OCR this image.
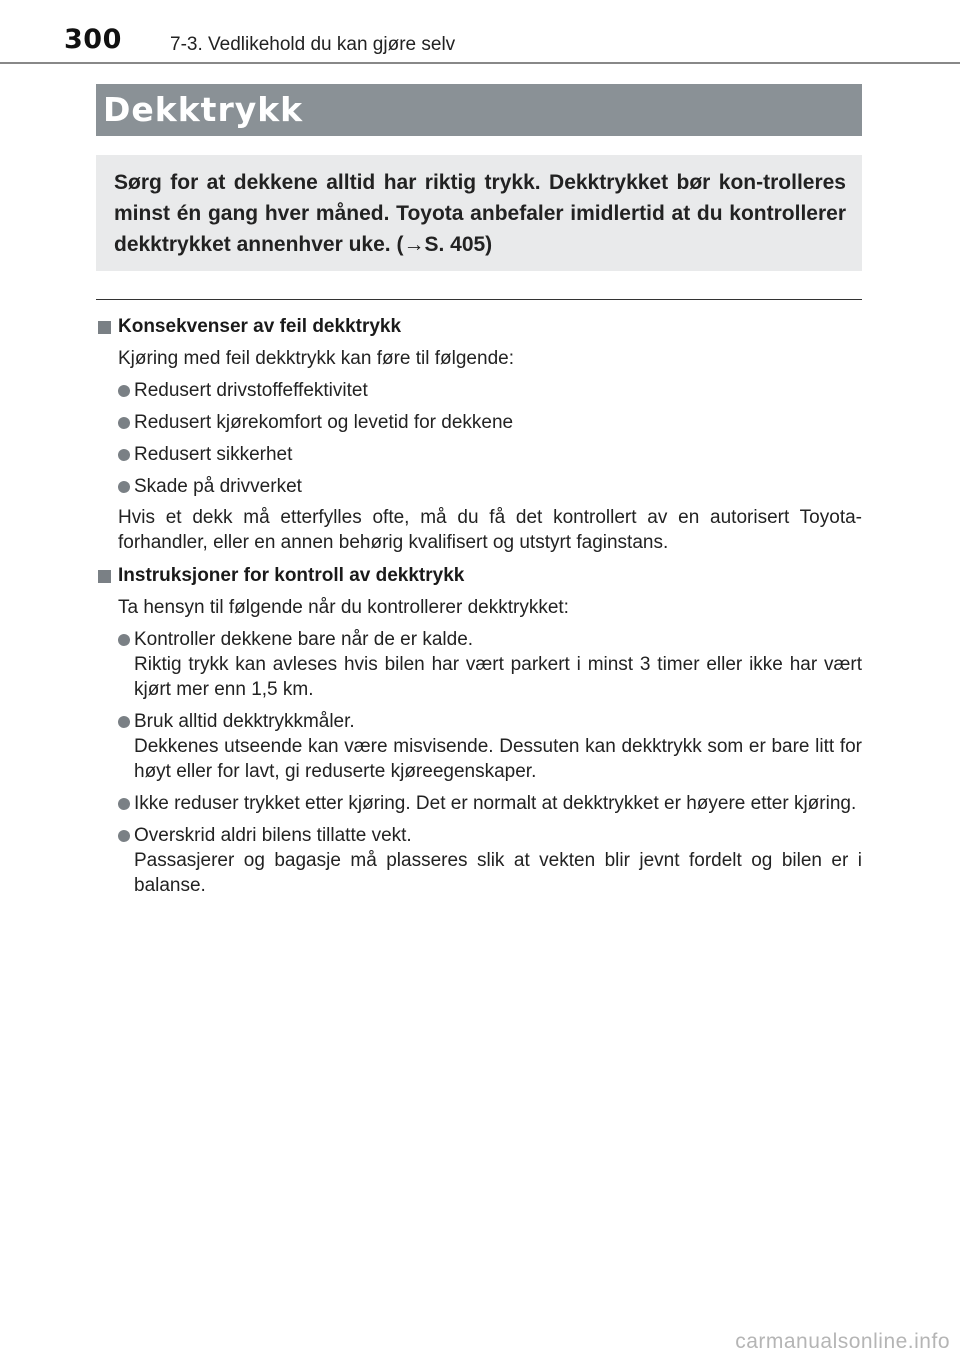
300	7-3. Vedlikehold du kan gjøre selv
Dekktrykk
Sørg for at dekkene alltid har riktig trykk. Dekktrykket bør kon-trolleres minst én gang hver måned. Toyota anbefaler imidlertid at du kontrollerer dekktrykket annenhver uke. (→S. 405)
Konsekvenser av feil dekktrykk
Kjøring med feil dekktrykk kan føre til følgende:
Redusert drivstoffeffektivitet
Redusert kjørekomfort og levetid for dekkene
Redusert sikkerhet
Skade på drivverket
Hvis et dekk må etterfylles ofte, må du få det kontrollert av en autorisert Toyota-forhandler, eller en annen behørig kvalifisert og utstyrt faginstans.
Instruksjoner for kontroll av dekktrykk
Ta hensyn til følgende når du kontrollerer dekktrykket:
Kontroller dekkene bare når de er kalde.
Riktig trykk kan avleses hvis bilen har vært parkert i minst 3 timer eller ikke har vært kjørt mer enn 1,5 km.
Bruk alltid dekktrykkmåler.
Dekkenes utseende kan være misvisende. Dessuten kan dekktrykk som er bare litt for høyt eller for lavt, gi reduserte kjøreegenskaper.
Ikke reduser trykket etter kjøring. Det er normalt at dekktrykket er høyere etter kjøring.
Overskrid aldri bilens tillatte vekt.
Passasjerer og bagasje må plasseres slik at vekten blir jevnt fordelt og bilen er i balanse.
carmanualsonline.info
